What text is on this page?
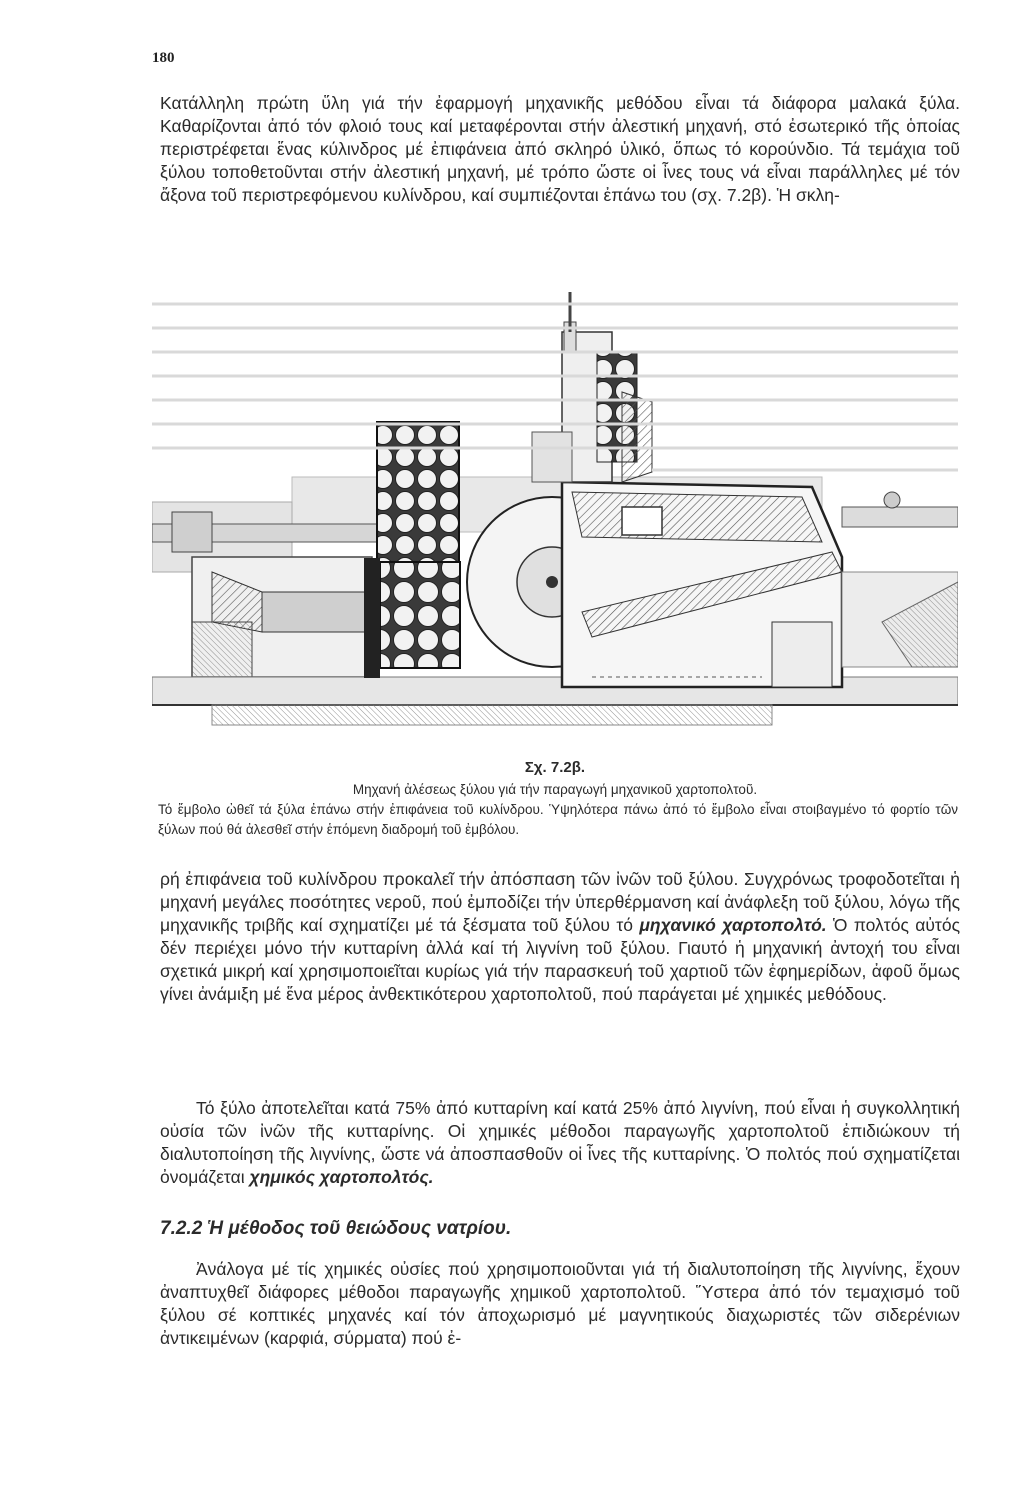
180

Κατάλληλη πρώτη ὕλη γιά τήν ἐφαρμογή μηχανικῆς μεθόδου εἶναι τά διάφορα μαλακά ξύλα. Καθαρίζονται ἀπό τόν φλοιό τους καί μεταφέρονται στήν ἀλεστική μηχανή, στό ἐσωτερικό τῆς ὁποίας περιστρέφεται ἕνας κύλινδρος μέ ἐπιφάνεια ἀπό σκληρό ὑλικό, ὅπως τό κορούνδιο. Τά τεμάχια τοῦ ξύλου τοποθετοῦνται στήν ἀλεστική μηχανή, μέ τρόπο ὥστε οἱ ἶνες τους νά εἶναι παράλληλες μέ τόν ἄξονα τοῦ περιστρεφόμενου κυλίνδρου, καί συμπιέζονται ἐπάνω του (σχ. 7.2β). Ἡ σκλη-

Σχ. 7.2β.
Μηχανή ἀλέσεως ξύλου γιά τήν παραγωγή μηχανικοῦ χαρτοπολτοῦ.
Τό ἔμβολο ὠθεῖ τά ξύλα ἐπάνω στήν ἐπιφάνεια τοῦ κυλίνδρου. Ὑψηλότερα πάνω ἀπό τό ἔμβολο εἶναι στοιβαγμένο τό φορτίο τῶν ξύλων πού θά ἀλεσθεῖ στήν ἑπόμενη διαδρομή τοῦ ἐμβόλου.

ρή ἐπιφάνεια τοῦ κυλίνδρου προκαλεῖ τήν ἀπόσπαση τῶν ἰνῶν τοῦ ξύλου. Συγχρόνως τροφοδοτεῖται ἡ μηχανή μεγάλες ποσότητες νεροῦ, πού ἐμποδίζει τήν ὑπερθέρμανση καί ἀνάφλεξη τοῦ ξύλου, λόγω τῆς μηχανικῆς τριβῆς καί σχηματίζει μέ τά ξέσματα τοῦ ξύλου τό μηχανικό χαρτοπολτό. Ὁ πολτός αὐτός δέν περιέχει μόνο τήν κυτταρίνη ἀλλά καί τή λιγνίνη τοῦ ξύλου. Γιαυτό ἡ μηχανική ἀντοχή του εἶναι σχετικά μικρή καί χρησιμοποιεῖται κυρίως γιά τήν παρασκευή τοῦ χαρτιοῦ τῶν ἐφημερίδων, ἀφοῦ ὅμως γίνει ἀνάμιξη μέ ἕνα μέρος ἀνθεκτικότερου χαρτοπολτοῦ, πού παράγεται μέ χημικές μεθόδους.

Τό ξύλο ἀποτελεῖται κατά 75% ἀπό κυτταρίνη καί κατά 25% ἀπό λιγνίνη, πού εἶναι ἡ συγκολλητική οὐσία τῶν ἰνῶν τῆς κυτταρίνης. Οἱ χημικές μέθοδοι παραγωγῆς χαρτοπολτοῦ ἐπιδιώκουν τή διαλυτοποίηση τῆς λιγνίνης, ὥστε νά ἀποσπασθοῦν οἱ ἶνες τῆς κυτταρίνης. Ὁ πολτός πού σχηματίζεται ὀνομάζεται χημικός χαρτοπολτός.

7.2.2 Ἡ μέθοδος τοῦ θειώδους νατρίου.

Ἀνάλογα μέ τίς χημικές οὐσίες πού χρησιμοποιοῦνται γιά τή διαλυτοποίηση τῆς λιγνίνης, ἔχουν ἀναπτυχθεῖ διάφορες μέθοδοι παραγωγῆς χημικοῦ χαρτοπολτοῦ. Ὕστερα ἀπό τόν τεμαχισμό τοῦ ξύλου σέ κοπτικές μηχανές καί τόν ἀποχωρισμό μέ μαγνητικούς διαχωριστές τῶν σιδερένιων ἀντικειμένων (καρφιά, σύρματα) πού ἐ-
